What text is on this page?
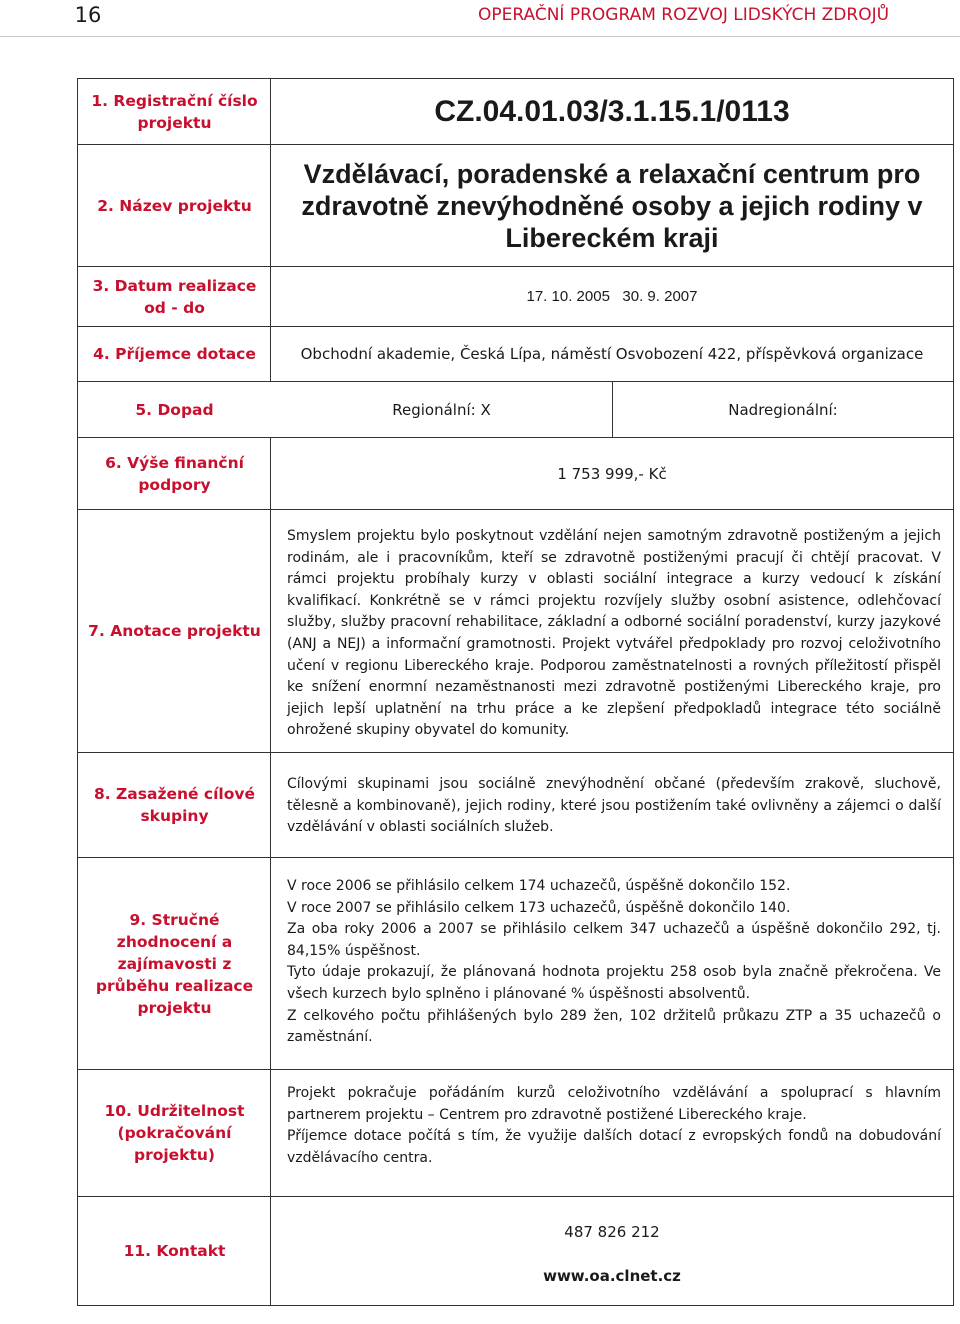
16	OPERAČNÍ PROGRAM ROZVOJ LIDSKÝCH ZDROJŮ
1. Registrační číslo projektu	CZ.04.01.03/3.1.15.1/0113
2. Název projektu
Vzdělávací, poradenské a relaxační centrum pro zdravotně znevýhodněné osoby a jejich rodiny v Libereckém kraji
3. Datum realizace od - do
17. 10. 2005   30. 9. 2007
4. Příjemce dotace	Obchodní akademie, Česká Lípa, náměstí Osvobození 422, příspěvková organizace
5. Dopad	Regionální: X	Nadregionální:
6. Výše finanční podpory
1 753 999,- Kč
7. Anotace projektu
Smyslem projektu bylo poskytnout vzdělání nejen samotným zdravotně postiženým a jejich rodinám, ale i pracovníkům, kteří se zdravotně postiženými pracují či chtějí pracovat. V rámci projektu probíhaly kurzy v oblasti sociální integrace a kurzy vedoucí k získání kvalifikací. Konkrétně se v rámci projektu rozvíjely služby osobní asistence, odlehčovací služby, služby pracovní rehabilitace, základní a odborné sociální poradenství, kurzy jazykové (ANJ a NEJ) a informační gramotnosti. Projekt vytvářel předpoklady pro rozvoj celoživotního učení v regionu Libereckého kraje. Podporou zaměstnatelnosti a rovných příležitostí přispěl ke snížení enormní nezaměstnanosti mezi zdravotně postiženými Libereckého kraje, pro jejich lepší uplatnění na trhu práce a ke zlepšení předpokladů integrace této sociálně ohrožené skupiny obyvatel do komunity.
8. Zasažené cílové skupiny
Cílovými skupinami jsou sociálně znevýhodnění občané (především zrakově, sluchově, tělesně a kombinovaně), jejich rodiny, které jsou postižením také ovlivněny a zájemci o další vzdělávání v oblasti sociálních služeb.
9. Stručné zhodnocení a zajímavosti z průběhu realizace projektu
V roce 2006 se přihlásilo celkem 174 uchazečů, úspěšně dokončilo 152.
V roce 2007 se přihlásilo celkem 173 uchazečů, úspěšně dokončilo 140.
Za oba roky 2006 a 2007 se přihlásilo celkem 347 uchazečů a úspěšně dokončilo 292, tj. 84,15% úspěšnost.
Tyto údaje prokazují, že plánovaná hodnota projektu 258 osob byla značně překročena. Ve všech kurzech bylo splněno i plánované % úspěšnosti absolventů.
Z celkového počtu přihlášených bylo 289 žen, 102 držitelů průkazu ZTP a 35 uchazečů o zaměstnání.
10. Udržitelnost (pokračování projektu)
Projekt pokračuje pořádáním kurzů celoživotního vzdělávání a spoluprací s hlavním partnerem projektu – Centrem pro zdravotně postižené Libereckého kraje.
Příjemce dotace počítá s tím, že využije dalších dotací z evropských fondů na dobudování vzdělávacího centra.
11. Kontakt
487 826 212
www.oa.clnet.cz
